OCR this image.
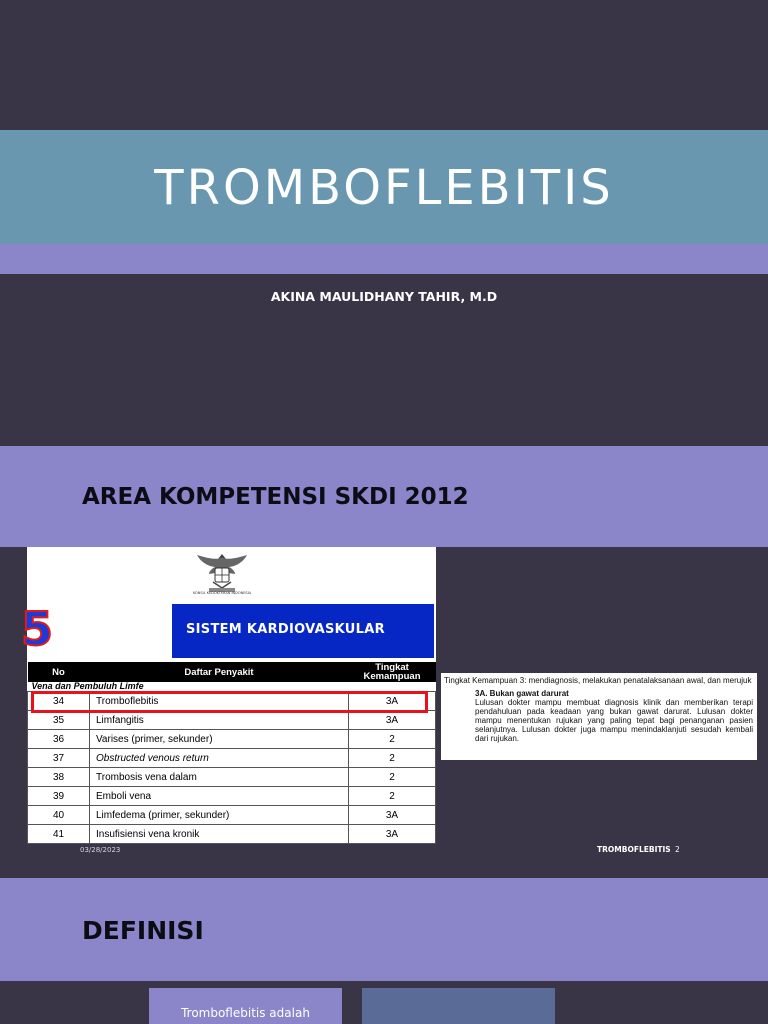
TROMBOFLEBITIS
AKINA MAULIDHANY TAHIR, M.D
AREA KOMPETENSI SKDI 2012
KONSIL KEDOKTERAN INDONESIA
5	SISTEM KARDIOVASKULAR
No	Daftar Penyakit	Tingkat
Kemampuan
Vena dan Pembuluh Limfe		
34	Tromboflebitis	3A
35	Limfangitis	3A
36	Varises (primer, sekunder)	2
37	Obstructed venous return	2
38	Trombosis vena dalam	2
39	Emboli vena	2
40	Limfedema (primer, sekunder)	3A
41	Insufisiensi vena kronik	3A
Tingkat Kemampuan 3: mendiagnosis, melakukan penatalaksanaan awal, dan merujuk
3A. Bukan gawat darurat
Lulusan dokter mampu membuat diagnosis klinik dan memberikan terapi pendahuluan pada keadaan yang bukan gawat darurat. Lulusan dokter mampu menentukan rujukan yang paling tepat bagi penanganan pasien selanjutnya. Lulusan dokter juga mampu menindaklanjuti sesudah kembali dari rujukan.
03/28/2023	TROMBOFLEBITIS 2
DEFINISI
Tromboflebitis adalah
